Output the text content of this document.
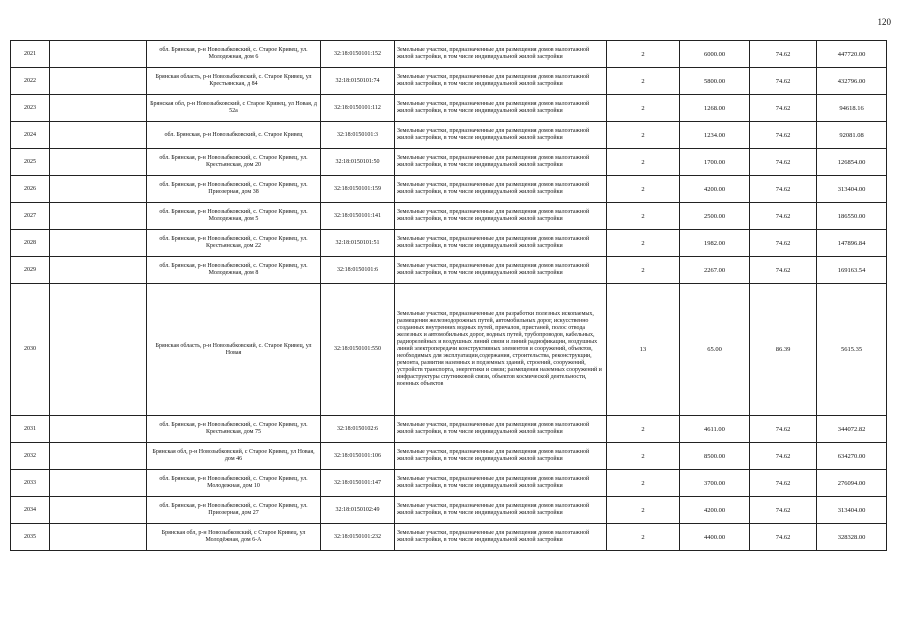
120
2021		обл. Брянская, р-н Новозыбковский, с. Старое Кривец, ул. Молодежная, дом 6	32:18:0150101:152	Земельные участки, предназначенные для размещения домов малоэтажной жилой застройки, в том числе индивидуальной жилой застройки	2	6000.00	74.62	447720.00
2022		Брянская область, р-н Новозыбковский, с. Старое Кривец, ул Крестьянская, д 84	32:18:0150101:74	Земельные участки, предназначенные для размещения домов малоэтажной жилой застройки, в том числе индивидуальной жилой застройки	2	5800.00	74.62	432796.00
2023		Брянская обл, р-н Новозыбковский, с Старое Кривец, ул Новая, д 52а	32:18:0150101:112	Земельные участки, предназначенные для размещения домов малоэтажной жилой застройки, в том числе индивидуальной жилой застройки	2	1268.00	74.62	94618.16
2024		обл. Брянская, р-н Новозыбковский, с. Старое Кривец	32:18:0150101:3	Земельные участки, предназначенные для размещения домов малоэтажной жилой застройки, в том числе индивидуальной жилой застройки	2	1234.00	74.62	92081.08
2025		обл. Брянская, р-н Новозыбковский, с. Старое Кривец, ул. Крестьянская, дом 20	32:18:0150101:50	Земельные участки, предназначенные для размещения домов малоэтажной жилой застройки, в том числе индивидуальной жилой застройки	2	1700.00	74.62	126854.00
2026		обл. Брянская, р-н Новозыбковский, с. Старое Кривец, ул. Приозерная, дом 38	32:18:0150101:159	Земельные участки, предназначенные для размещения домов малоэтажной жилой застройки, в том числе индивидуальной жилой застройки	2	4200.00	74.62	313404.00
2027		обл. Брянская, р-н Новозыбковский, с. Старое Кривец, ул. Молодежная, дом 5	32:18:0150101:141	Земельные участки, предназначенные для размещения домов малоэтажной жилой застройки, в том числе индивидуальной жилой застройки	2	2500.00	74.62	186550.00
2028		обл. Брянская, р-н Новозыбковский, с. Старое Кривец, ул. Крестьянская, дом 22	32:18:0150101:51	Земельные участки, предназначенные для размещения домов малоэтажной жилой застройки, в том числе индивидуальной жилой застройки	2	1982.00	74.62	147896.84
2029		обл. Брянская, р-н Новозыбковский, с. Старое Кривец, ул. Молодежная, дом 8	32:18:0150101:6	Земельные участки, предназначенные для размещения домов малоэтажной жилой застройки, в том числе индивидуальной жилой застройки	2	2267.00	74.62	169163.54
2030		Брянская область, р-н Новозыбковский, с. Старое Кривец, ул Новая	32:18:0150101:550	Земельные участки, предназначенные для разработки полезных ископаемых, размещения железнодорожных путей, автомобильных дорог, искусственно созданных внутренних водных путей, причалов, пристаней, полос отвода железных и автомобильных дорог, водных путей, трубопроводов, кабельных, радиорелейных и воздушных линий связи и линий радиофикации, воздушных линий электропередачи конструктивных элементов и сооружений, объектов, необходимых для эксплуатации,содержания, строительства, реконструкции, ремонта, развития наземных и подземных зданий, строений, сооружений, устройств транспорта, энергетики и связи; размещения наземных сооружений и инфраструктуры спутниковой связи, объектов космической деятельности, военных объектов	13	65.00	86.39	5615.35
2031		обл. Брянская, р-н Новозыбковский, с. Старое Кривец, ул. Крестьянская, дом 75	32:18:0150102:6	Земельные участки, предназначенные для размещения домов малоэтажной жилой застройки, в том числе индивидуальной жилой застройки	2	4611.00	74.62	344072.82
2032		Брянская обл, р-н Новозыбковский, с Старое Кривец, ул Новая, дом 46	32:18:0150101:106	Земельные участки, предназначенные для размещения домов малоэтажной жилой застройки, в том числе индивидуальной жилой застройки	2	8500.00	74.62	634270.00
2033		обл. Брянская, р-н Новозыбковский, с. Старое Кривец, ул. Молодежная, дом 10	32:18:0150101:147	Земельные участки, предназначенные для размещения домов малоэтажной жилой застройки, в том числе индивидуальной жилой застройки	2	3700.00	74.62	276094.00
2034		обл. Брянская, р-н Новозыбковский, с. Старое Кривец, ул. Приозерная, дом 27	32:18:0150102:49	Земельные участки, предназначенные для размещения домов малоэтажной жилой застройки, в том числе индивидуальной жилой застройки	2	4200.00	74.62	313404.00
2035		Брянская обл, р-н Новозыбковский, с Старое Кривец, ул Молодёжная, дом 6-А	32:18:0150101:232	Земельные участки, предназначенные для размещения домов малоэтажной жилой застройки, в том числе индивидуальной жилой застройки	2	4400.00	74.62	328328.00
